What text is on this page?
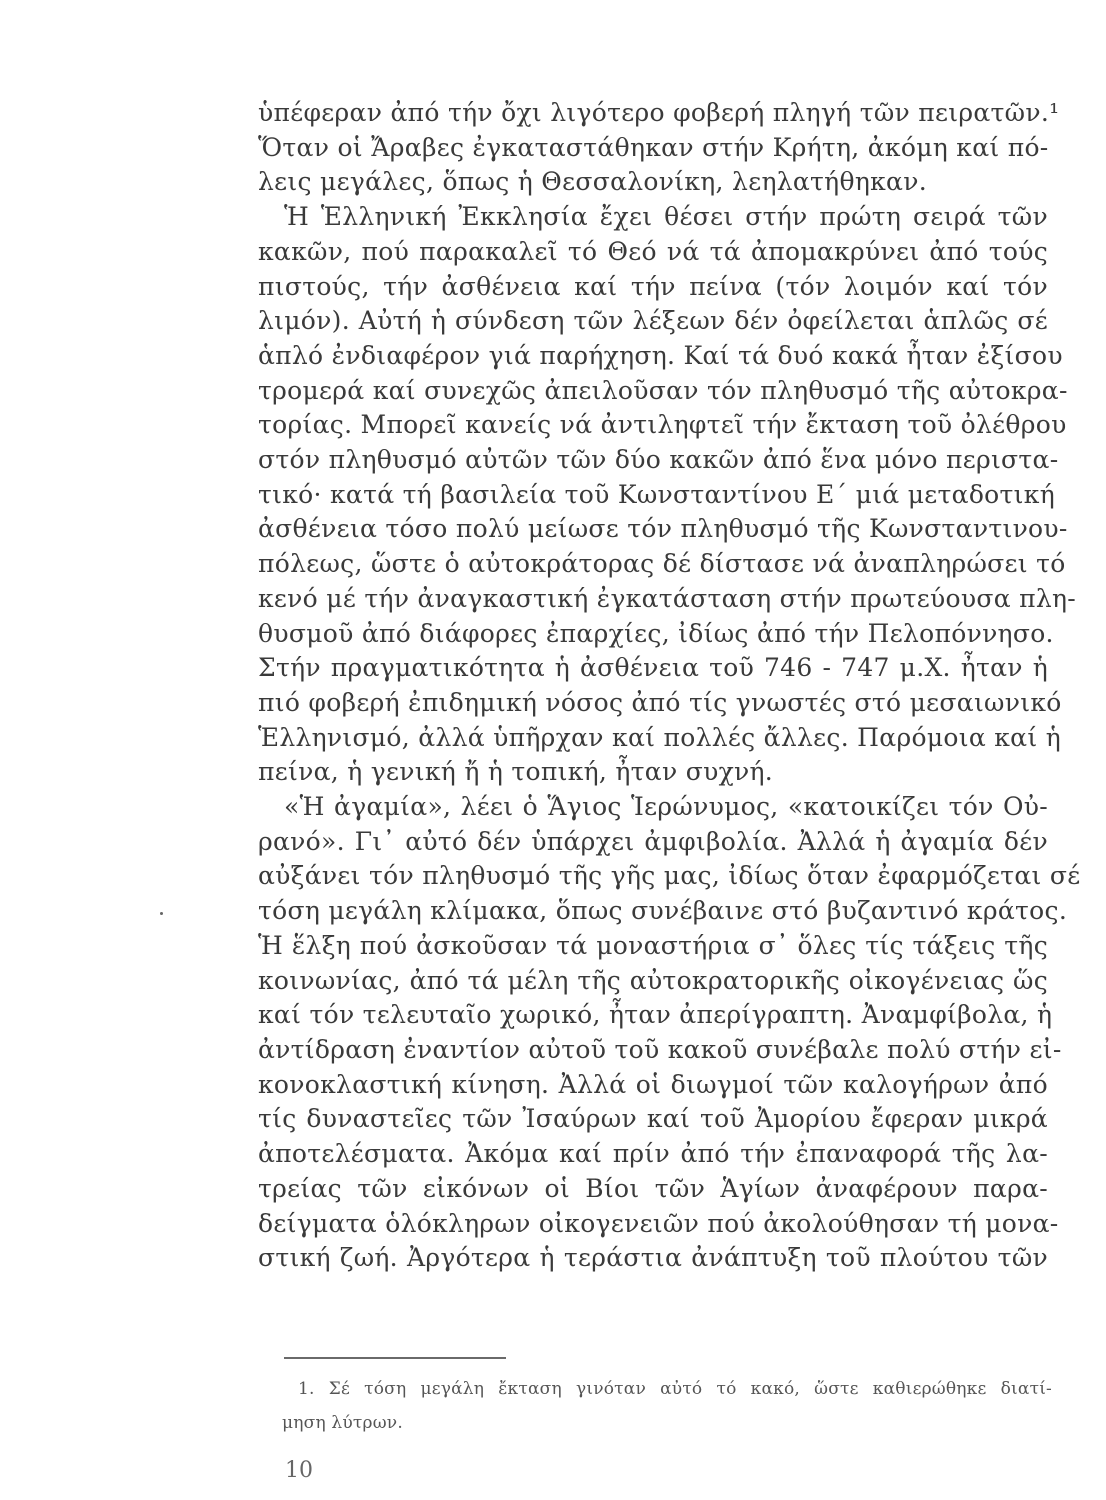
ὑπέφεραν ἀπό τήν ὄχι λιγότερο φοβερή πληγή τῶν πειρατῶν.¹
Ὅταν οἱ Ἄραβες ἐγκαταστάθηκαν στήν Κρήτη, ἀκόμη καί πό-
λεις μεγάλες, ὅπως ἡ Θεσσαλονίκη, λεηλατήθηκαν.
Ἡ Ἑλληνική Ἐκκλησία ἔχει θέσει στήν πρώτη σειρά τῶν
κακῶν, πού παρακαλεῖ τό Θεό νά τά ἀπομακρύνει ἀπό τούς
πιστούς, τήν ἀσθένεια καί τήν πείνα (τόν λοιμόν καί τόν
λιμόν). Αὐτή ἡ σύνδεση τῶν λέξεων δέν ὀφείλεται ἁπλῶς σέ
ἁπλό ἐνδιαφέρον γιά παρήχηση. Καί τά δυό κακά ἦταν ἐξίσου
τρομερά καί συνεχῶς ἀπειλοῦσαν τόν πληθυσμό τῆς αὐτοκρα-
τορίας. Μπορεῖ κανείς νά ἀντιληφτεῖ τήν ἔκταση τοῦ ὀλέθρου
στόν πληθυσμό αὐτῶν τῶν δύο κακῶν ἀπό ἕνα μόνο περιστα-
τικό· κατά τή βασιλεία τοῦ Κωνσταντίνου Ε΄ μιά μεταδοτική
ἀσθένεια τόσο πολύ μείωσε τόν πληθυσμό τῆς Κωνσταντινου-
πόλεως, ὥστε ὁ αὐτοκράτορας δέ δίστασε νά ἀναπληρώσει τό
κενό μέ τήν ἀναγκαστική ἐγκατάσταση στήν πρωτεύουσα πλη-
θυσμοῦ ἀπό διάφορες ἐπαρχίες, ἰδίως ἀπό τήν Πελοπόννησο.
Στήν πραγματικότητα ἡ ἀσθένεια τοῦ 746 - 747 μ.Χ. ἦταν ἡ
πιό φοβερή ἐπιδημική νόσος ἀπό τίς γνωστές στό μεσαιωνικό
Ἑλληνισμό, ἀλλά ὑπῆρχαν καί πολλές ἄλλες. Παρόμοια καί ἡ
πείνα, ἡ γενική ἤ ἡ τοπική, ἦταν συχνή.
«Ἡ ἀγαμία», λέει ὁ Ἅγιος Ἱερώνυμος, «κατοικίζει τόν Οὐ-
ρανό». Γι᾽ αὐτό δέν ὑπάρχει ἀμφιβολία. Ἀλλά ἡ ἀγαμία δέν
αὐξάνει τόν πληθυσμό τῆς γῆς μας, ἰδίως ὅταν ἐφαρμόζεται σέ
τόση μεγάλη κλίμακα, ὅπως συνέβαινε στό βυζαντινό κράτος.
Ἡ ἕλξη πού ἀσκοῦσαν τά μοναστήρια σ᾽ ὅλες τίς τάξεις τῆς
κοινωνίας, ἀπό τά μέλη τῆς αὐτοκρατορικῆς οἰκογένειας ὥς
καί τόν τελευταῖο χωρικό, ἦταν ἀπερίγραπτη. Ἀναμφίβολα, ἡ
ἀντίδραση ἐναντίον αὐτοῦ τοῦ κακοῦ συνέβαλε πολύ στήν εἰ-
κονοκλαστική κίνηση. Ἀλλά οἱ διωγμοί τῶν καλογήρων ἀπό
τίς δυναστεῖες τῶν Ἰσαύρων καί τοῦ Ἀμορίου ἔφεραν μικρά
ἀποτελέσματα. Ἀκόμα καί πρίν ἀπό τήν ἐπαναφορά τῆς λα-
τρείας τῶν εἰκόνων οἱ Βίοι τῶν Ἁγίων ἀναφέρουν παρα-
δείγματα ὁλόκληρων οἰκογενειῶν πού ἀκολούθησαν τή μονα-
στική ζωή. Ἀργότερα ἡ τεράστια ἀνάπτυξη τοῦ πλούτου τῶν
1. Σέ τόση μεγάλη ἔκταση γινόταν αὐτό τό κακό, ὥστε καθιερώθηκε διατί-
μηση λύτρων.
10
